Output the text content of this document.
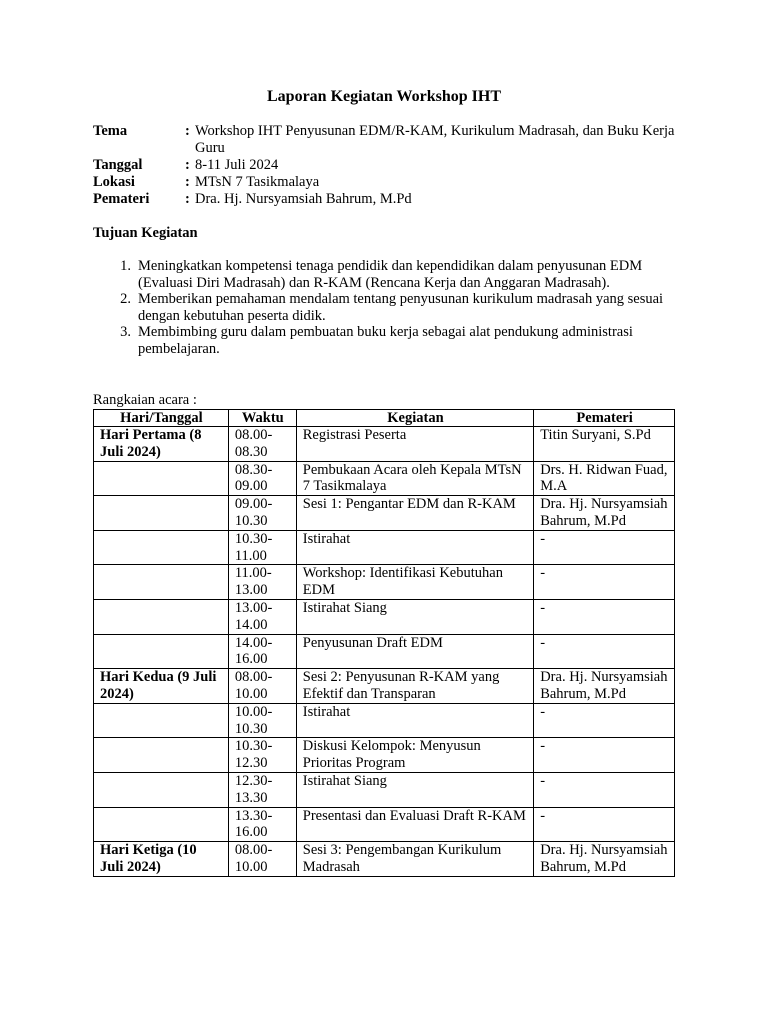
Laporan Kegiatan Workshop IHT
Tema	: Workshop IHT Penyusunan EDM/R-KAM, Kurikulum Madrasah, dan Buku Kerja Guru
Tanggal	: 8-11 Juli 2024
Lokasi	: MTsN 7 Tasikmalaya
Pemateri	: Dra. Hj. Nursyamsiah Bahrum, M.Pd
Tujuan Kegiatan
1. Meningkatkan kompetensi tenaga pendidik dan kependidikan dalam penyusunan EDM (Evaluasi Diri Madrasah) dan R-KAM (Rencana Kerja dan Anggaran Madrasah).
2. Memberikan pemahaman mendalam tentang penyusunan kurikulum madrasah yang sesuai dengan kebutuhan peserta didik.
3. Membimbing guru dalam pembuatan buku kerja sebagai alat pendukung administrasi pembelajaran.
Rangkaian acara :
Hari/Tanggal	Waktu	Kegiatan	Pemateri
Hari Pertama (8 Juli 2024)	08.00-08.30	Registrasi Peserta	Titin Suryani, S.Pd
	08.30-09.00	Pembukaan Acara oleh Kepala MTsN 7 Tasikmalaya	Drs. H. Ridwan Fuad, M.A
	09.00-10.30	Sesi 1: Pengantar EDM dan R-KAM	Dra. Hj. Nursyamsiah Bahrum, M.Pd
	10.30-11.00	Istirahat	-
	11.00-13.00	Workshop: Identifikasi Kebutuhan EDM	-
	13.00-14.00	Istirahat Siang	-
	14.00-16.00	Penyusunan Draft EDM	-
Hari Kedua (9 Juli 2024)	08.00-10.00	Sesi 2: Penyusunan R-KAM yang Efektif dan Transparan	Dra. Hj. Nursyamsiah Bahrum, M.Pd
	10.00-10.30	Istirahat	-
	10.30-12.30	Diskusi Kelompok: Menyusun Prioritas Program	-
	12.30-13.30	Istirahat Siang	-
	13.30-16.00	Presentasi dan Evaluasi Draft R-KAM	-
Hari Ketiga (10 Juli 2024)	08.00-10.00	Sesi 3: Pengembangan Kurikulum Madrasah	Dra. Hj. Nursyamsiah Bahrum, M.Pd
